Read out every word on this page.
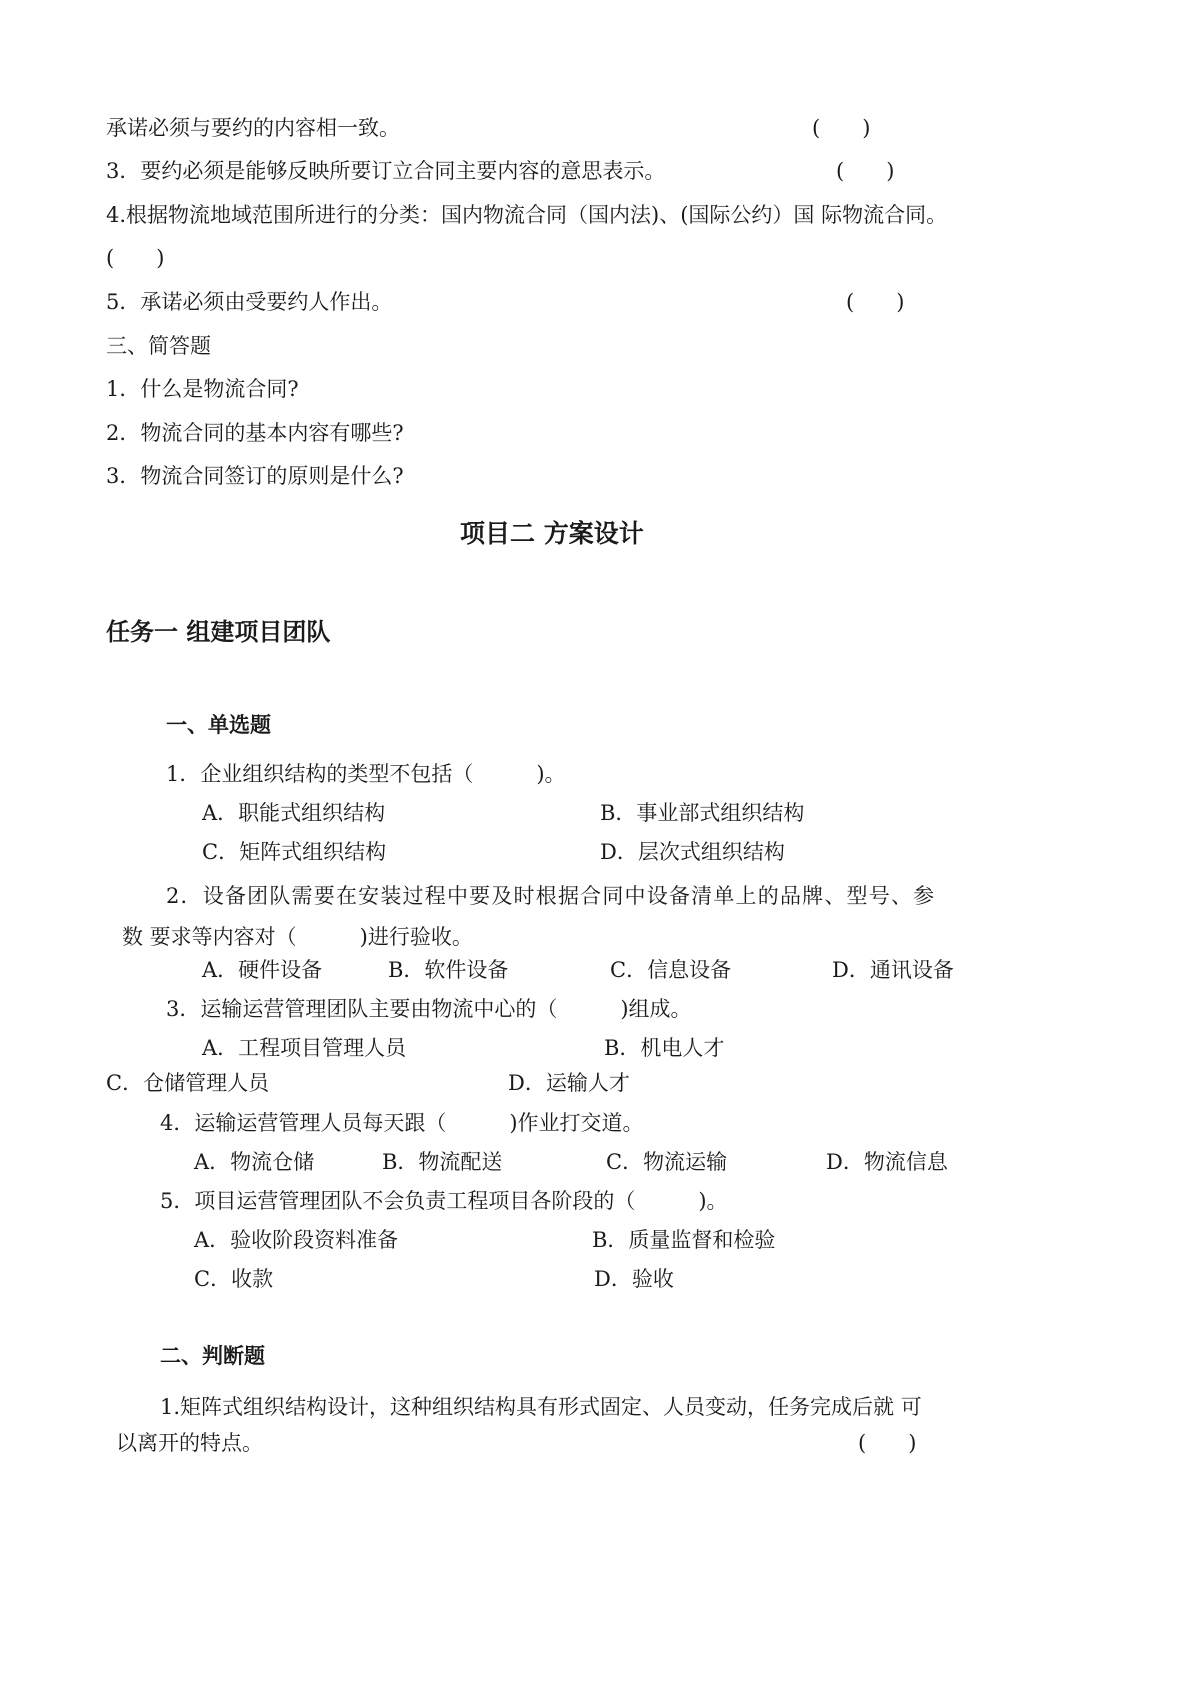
承诺必须与要约的内容相一致。	(　　)
3．要约必须是能够反映所要订立合同主要内容的意思表示。	(　　)
4.根据物流地域范围所进行的分类：国内物流合同（国内法)、(国际公约）国 际物流合同。
(　　)
5．承诺必须由受要约人作出。	(　　)
三、简答题
1．什么是物流合同?
2．物流合同的基本内容有哪些?
3．物流合同签订的原则是什么?
项目二 方案设计
任务一 组建项目团队
一、单选题
1．企业组织结构的类型不包括（　　　)。
A．职能式组织结构	B．事业部式组织结构
C．矩阵式组织结构	D．层次式组织结构
2．设备团队需要在安装过程中要及时根据合同中设备清单上的品牌、型号、参
数 要求等内容对（　　　)进行验收。
A．硬件设备	B．软件设备	C．信息设备	D．通讯设备
3．运输运营管理团队主要由物流中心的（　　　)组成。
A．工程项目管理人员	B．机电人才
C．仓储管理人员	D．运输人才
4．运输运营管理人员每天跟（　　　)作业打交道。
A．物流仓储	B．物流配送	C．物流运输	D．物流信息
5．项目运营管理团队不会负责工程项目各阶段的（　　　)。
A．验收阶段资料准备	B．质量监督和检验
C．收款	D．验收
二、判断题
1.矩阵式组织结构设计，这种组织结构具有形式固定、人员变动，任务完成后就 可
以离开的特点。	(　　)
